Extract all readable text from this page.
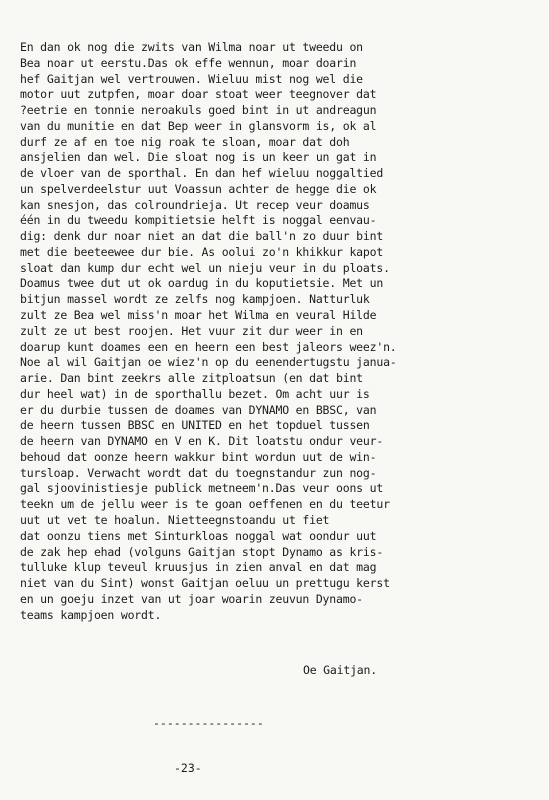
En dan ok nog die zwits van Wilma noar ut tweedu on
Bea noar ut eerstu.Das ok effe wennun, moar doarin
hef Gaitjan wel vertrouwen. Wieluu mist nog wel die
motor uut zutpfen, moar doar stoat weer teegnover dat
?eetrie en tonnie neroakuls goed bint in ut andreagun
van du munitie en dat Bep weer in glansvorm is, ok al
durf ze af en toe nig roak te sloan, moar dat doh
ansjelien dan wel. Die sloat nog is un keer un gat in
de vloer van de sporthal. En dan hef wieluu noggaltied
un spelverdeelstur uut Voassun achter de hegge die ok
kan snesjon, das colroundrieja. Ut recep veur doamus
één in du tweedu kompitietsie helft is noggal eenvau-
dig: denk dur noar niet an dat die ball'n zo duur bint
met die beeteewee dur bie. As oolui zo'n khikkur kapot
sloat dan kump dur echt wel un nieju veur in du ploats.
Doamus twee dut ut ok oardug in du koputietsie. Met un
bitjun massel wordt ze zelfs nog kampjoen. Natturluk
zult ze Bea wel miss'n moar het Wilma en veural Hilde
zult ze ut best roojen. Het vuur zit dur weer in en
doarup kunt doames een en heern een best jaleors weez'n.
Noe al wil Gaitjan oe wiez'n op du eenendertugstu janua-
arie. Dan bint zeekrs alle zitploatsun (en dat bint
dur heel wat) in de sporthallu bezet. Om acht uur is
er du durbie tussen de doames van DYNAMO en BBSC, van
de heern tussen BBSC en UNITED en het topduel tussen
de heern van DYNAMO en V en K. Dit loatstu ondur veur-
behoud dat oonze heern wakkur bint wordun uut de win-
tursloap. Verwacht wordt dat du toegnstandur zun nog-
gal sjoovinistiesje publick metneem'n.Das veur oons ut
teekn um de jellu weer is te goan oeffenen en du teetur
uut ut vet te hoalun. Nietteegnstoandu ut fiet
dat oonzu tiens met Sinturkloas noggal wat oondur uut
de zak hep ehad (volguns Gaitjan stopt Dynamo as kris-
tulluke klup teveul kruusjus in zien anval en dat mag
niet van du Sint) wonst Gaitjan oeluu un prettugu kerst
en un goeju inzet van ut joar woarin zeuvun Dynamo-
teams kampjoen wordt.
Oe Gaitjan.
----------------
-23-
